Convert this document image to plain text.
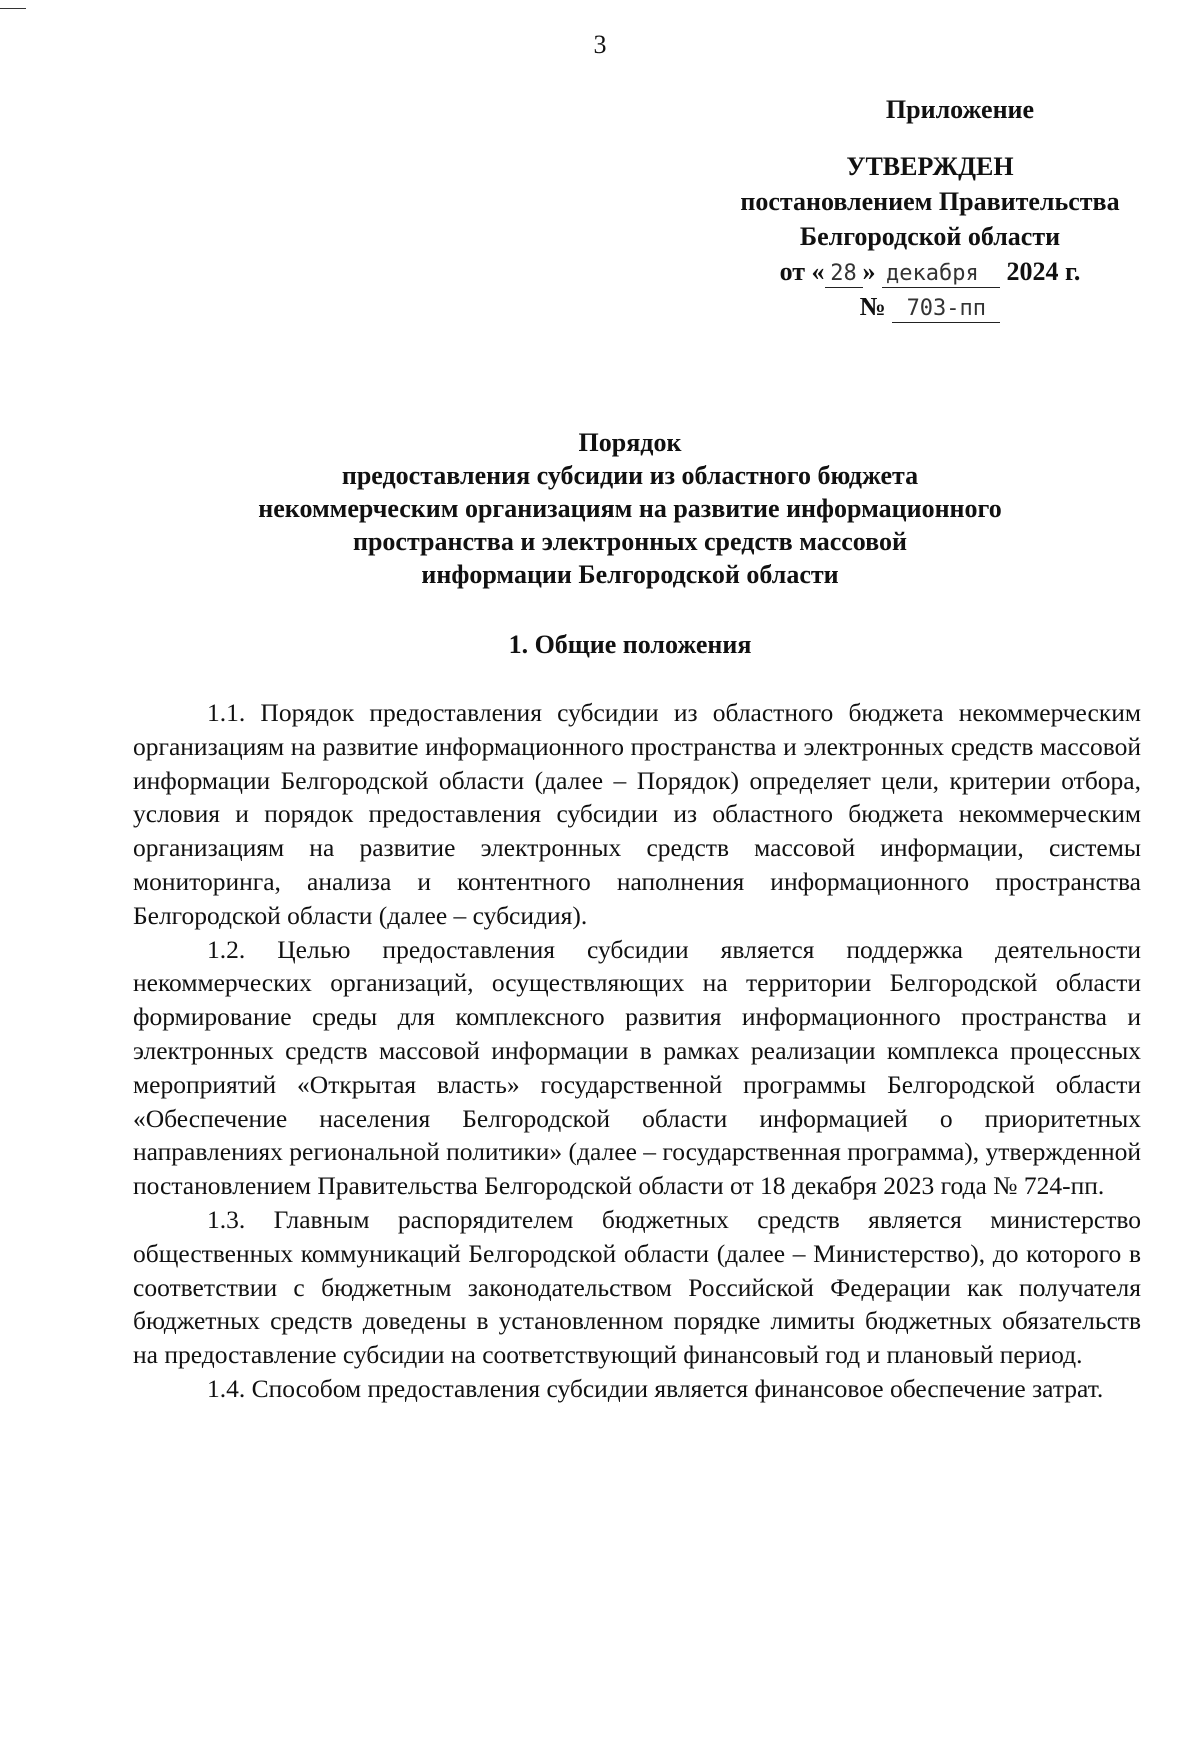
3
Приложение
УТВЕРЖДЕН
постановлением Правительства
Белгородской области
от « 28 » декабря 2024 г.
№ 703-пп
Порядок
предоставления субсидии из областного бюджета
некоммерческим организациям на развитие информационного
пространства и электронных средств массовой
информации Белгородской области
1. Общие положения

1.1. Порядок предоставления субсидии из областного бюджета некоммерческим организациям на развитие информационного пространства и электронных средств массовой информации Белгородской области (далее – Порядок) определяет цели, критерии отбора, условия и порядок предоставления субсидии из областного бюджета некоммерческим организациям на развитие электронных средств массовой информации, системы мониторинга, анализа и контентного наполнения информационного пространства Белгородской области (далее – субсидия).

1.2. Целью предоставления субсидии является поддержка деятельности некоммерческих организаций, осуществляющих на территории Белгородской области формирование среды для комплексного развития информационного пространства и электронных средств массовой информации в рамках реализации комплекса процессных мероприятий «Открытая власть» государственной программы Белгородской области «Обеспечение населения Белгородской области информацией о приоритетных направлениях региональной политики» (далее – государственная программа), утвержденной постановлением Правительства Белгородской области от 18 декабря 2023 года № 724-пп.

1.3. Главным распорядителем бюджетных средств является министерство общественных коммуникаций Белгородской области (далее – Министерство), до которого в соответствии с бюджетным законодательством Российской Федерации как получателя бюджетных средств доведены в установленном порядке лимиты бюджетных обязательств на предоставление субсидии на соответствующий финансовый год и плановый период.

1.4. Способом предоставления субсидии является финансовое обеспечение затрат.
